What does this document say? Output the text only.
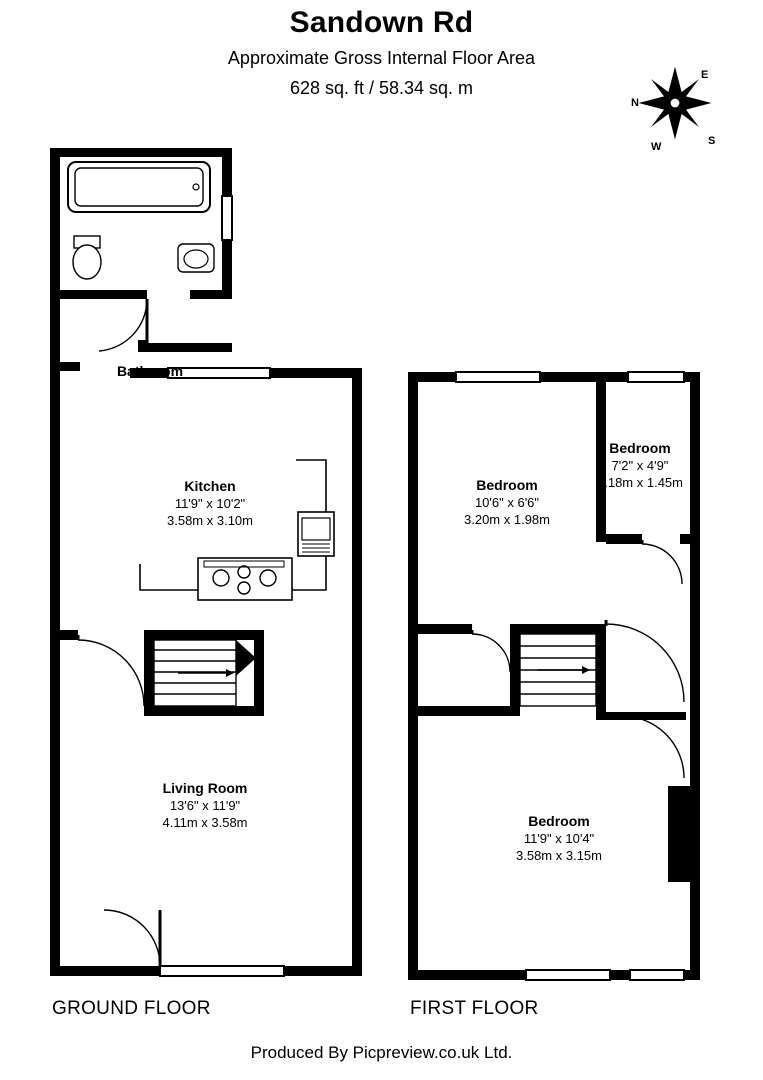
Sandown Rd
Approximate Gross Internal Floor Area
628 sq. ft / 58.34 sq. m
E
N
S
W
Bathroom
Kitchen
11'9" x 10'2"
3.58m x 3.10m
Living Room
13'6" x 11'9"
4.11m x 3.58m
Bedroom
7'2" x 4'9"
2.18m x 1.45m
Bedroom
10'6" x 6'6"
3.20m x 1.98m
Bedroom
11'9" x 10'4"
3.58m x 3.15m
GROUND FLOOR	FIRST FLOOR
Produced By Picpreview.co.uk Ltd.
